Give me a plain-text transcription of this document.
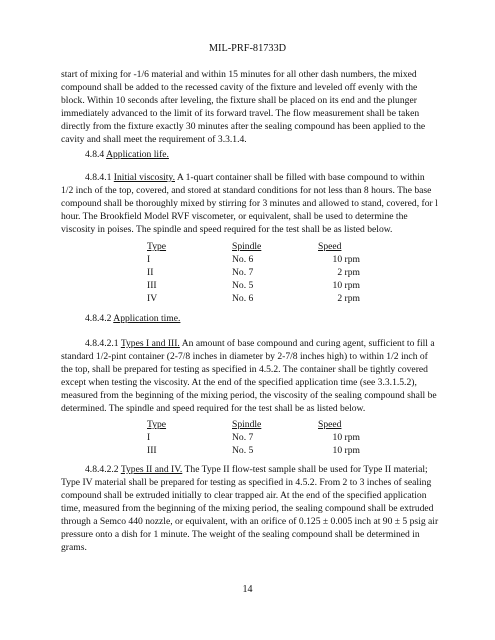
MIL-PRF-81733D

start of mixing for -1/6 material and within 15 minutes for all other dash numbers, the mixed compound shall be added to the recessed cavity of the fixture and leveled off evenly with the block. Within 10 seconds after leveling, the fixture shall be placed on its end and the plunger immediately advanced to the limit of its forward travel. The flow measurement shall be taken directly from the fixture exactly 30 minutes after the sealing compound has been applied to the cavity and shall meet the requirement of 3.3.1.4.

4.8.4 Application life.

4.8.4.1 Initial viscosity. A 1-quart container shall be filled with base compound to within 1/2 inch of the top, covered, and stored at standard conditions for not less than 8 hours. The base compound shall be thoroughly mixed by stirring for 3 minutes and allowed to stand, covered, for l hour. The Brookfield Model RVF viscometer, or equivalent, shall be used to determine the viscosity in poises. The spindle and speed required for the test shall be as listed below.

Type
I
II
III
IV
Spindle
No. 6
No. 7
No. 5
No. 6
Speed
10 rpm
2 rpm
10 rpm
2 rpm

4.8.4.2 Application time.

4.8.4.2.1 Types I and III. An amount of base compound and curing agent, sufficient to fill a standard 1/2-pint container (2-7/8 inches in diameter by 2-7/8 inches high) to within 1/2 inch of the top, shall be prepared for testing as specified in 4.5.2. The container shall be tightly covered except when testing the viscosity. At the end of the specified application time (see 3.3.1.5.2), measured from the beginning of the mixing period, the viscosity of the sealing compound shall be determined. The spindle and speed required for the test shall be as listed below.

Type
I
III
Spindle
No. 7
No. 5
Speed
10 rpm
10 rpm

4.8.4.2.2 Types II and IV. The Type II flow-test sample shall be used for Type II material; Type IV material shall be prepared for testing as specified in 4.5.2. From 2 to 3 inches of sealing compound shall be extruded initially to clear trapped air. At the end of the specified application time, measured from the beginning of the mixing period, the sealing compound shall be extruded through a Semco 440 nozzle, or equivalent, with an orifice of 0.125 ± 0.005 inch at 90 ± 5 psig air pressure onto a dish for 1 minute. The weight of the sealing compound shall be determined in grams.

14
